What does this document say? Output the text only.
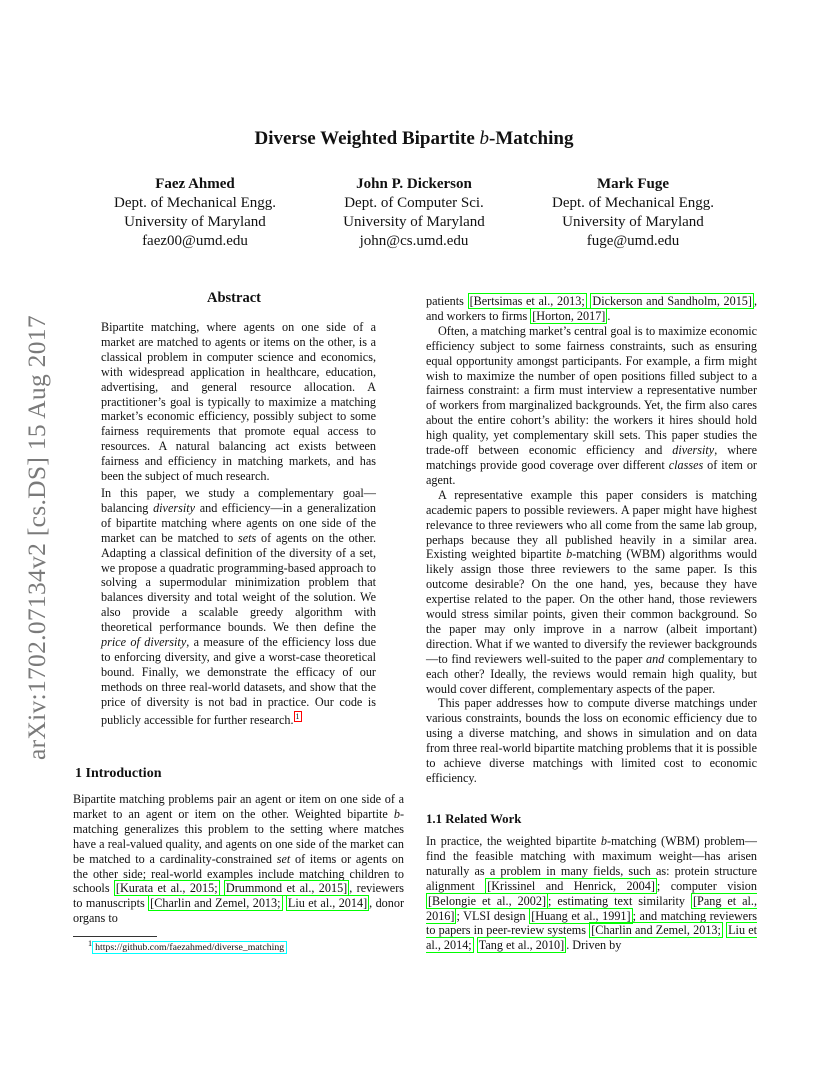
arXiv:1702.07134v2 [cs.DS] 15 Aug 2017
Diverse Weighted Bipartite b-Matching
Faez Ahmed
Dept. of Mechanical Engg.
University of Maryland
faez00@umd.edu
John P. Dickerson
Dept. of Computer Sci.
University of Maryland
john@cs.umd.edu
Mark Fuge
Dept. of Mechanical Engg.
University of Maryland
fuge@umd.edu
Abstract

Bipartite matching, where agents on one side of a market are matched to agents or items on the other, is a classical problem in computer science and economics, with widespread application in healthcare, education, advertising, and general resource allocation. A practitioner’s goal is typically to maximize a matching market’s economic efficiency, possibly subject to some fairness requirements that promote equal access to resources. A natural balancing act exists between fairness and efficiency in matching markets, and has been the subject of much research.

In this paper, we study a complementary goal—balancing diversity and efficiency—in a generalization of bipartite matching where agents on one side of the market can be matched to sets of agents on the other. Adapting a classical definition of the diversity of a set, we propose a quadratic programming-based approach to solving a supermodular minimization problem that balances diversity and total weight of the solution. We also provide a scalable greedy algorithm with theoretical performance bounds. We then define the price of diversity, a measure of the efficiency loss due to enforcing diversity, and give a worst-case theoretical bound. Finally, we demonstrate the efficacy of our methods on three real-world datasets, and show that the price of diversity is not bad in practice. Our code is publicly accessible for further research. $^1$

1 Introduction

Bipartite matching problems pair an agent or item on one side of a market to an agent or item on the other. Weighted bipartite b-matching generalizes this problem to the setting where matches have a real-valued quality, and agents on one side of the market can be matched to a cardinality-constrained set of items or agents on the other side; real-world examples include matching children to schools [Kurata et al., 2015; Drummond et al., 2015] , reviewers to manuscripts [Charlin and Zemel, 2013; Liu et al., 2014] , donor organs to

$^1$ https://github.com/faezahmed/diverse_matching

patients [Bertsimas et al., 2013; Dickerson and Sandholm, 2015] , and workers to firms [Horton, 2017] .

Often, a matching market’s central goal is to maximize economic efficiency subject to some fairness constraints, such as ensuring equal opportunity amongst participants. For example, a firm might wish to maximize the number of open positions filled subject to a fairness constraint: a firm must interview a representative number of workers from marginalized backgrounds. Yet, the firm also cares about the entire cohort’s ability: the workers it hires should hold high quality, yet complementary skill sets. This paper studies the trade-off between economic efficiency and diversity, where matchings provide good coverage over different classes of item or agent.

A representative example this paper considers is matching academic papers to possible reviewers. A paper might have highest relevance to three reviewers who all come from the same lab group, perhaps because they all published heavily in a similar area. Existing weighted bipartite b-matching (WBM) algorithms would likely assign those three reviewers to the same paper. Is this outcome desirable? On the one hand, yes, because they have expertise related to the paper. On the other hand, those reviewers would stress similar points, given their common background. So the paper may only improve in a narrow (albeit important) direction. What if we wanted to diversify the reviewer backgrounds—to find reviewers well-suited to the paper and complementary to each other? Ideally, the reviews would remain high quality, but would cover different, complementary aspects of the paper.

This paper addresses how to compute diverse matchings under various constraints, bounds the loss on economic efficiency due to using a diverse matching, and shows in simulation and on data from three real-world bipartite matching problems that it is possible to achieve diverse matchings with limited cost to economic efficiency.

1.1 Related Work

In practice, the weighted bipartite b-matching (WBM) problem—find the feasible matching with maximum weight—has arisen naturally as a problem in many fields, such as: protein structure alignment [Krissinel and Henrick, 2004] ; computer vision [Belongie et al., 2002] ; estimating text similarity [Pang et al., 2016] ; VLSI design [Huang et al., 1991] ; and matching reviewers to papers in peer-review systems [Charlin and Zemel, 2013; Liu et al., 2014; Tang et al., 2010] . Driven by
